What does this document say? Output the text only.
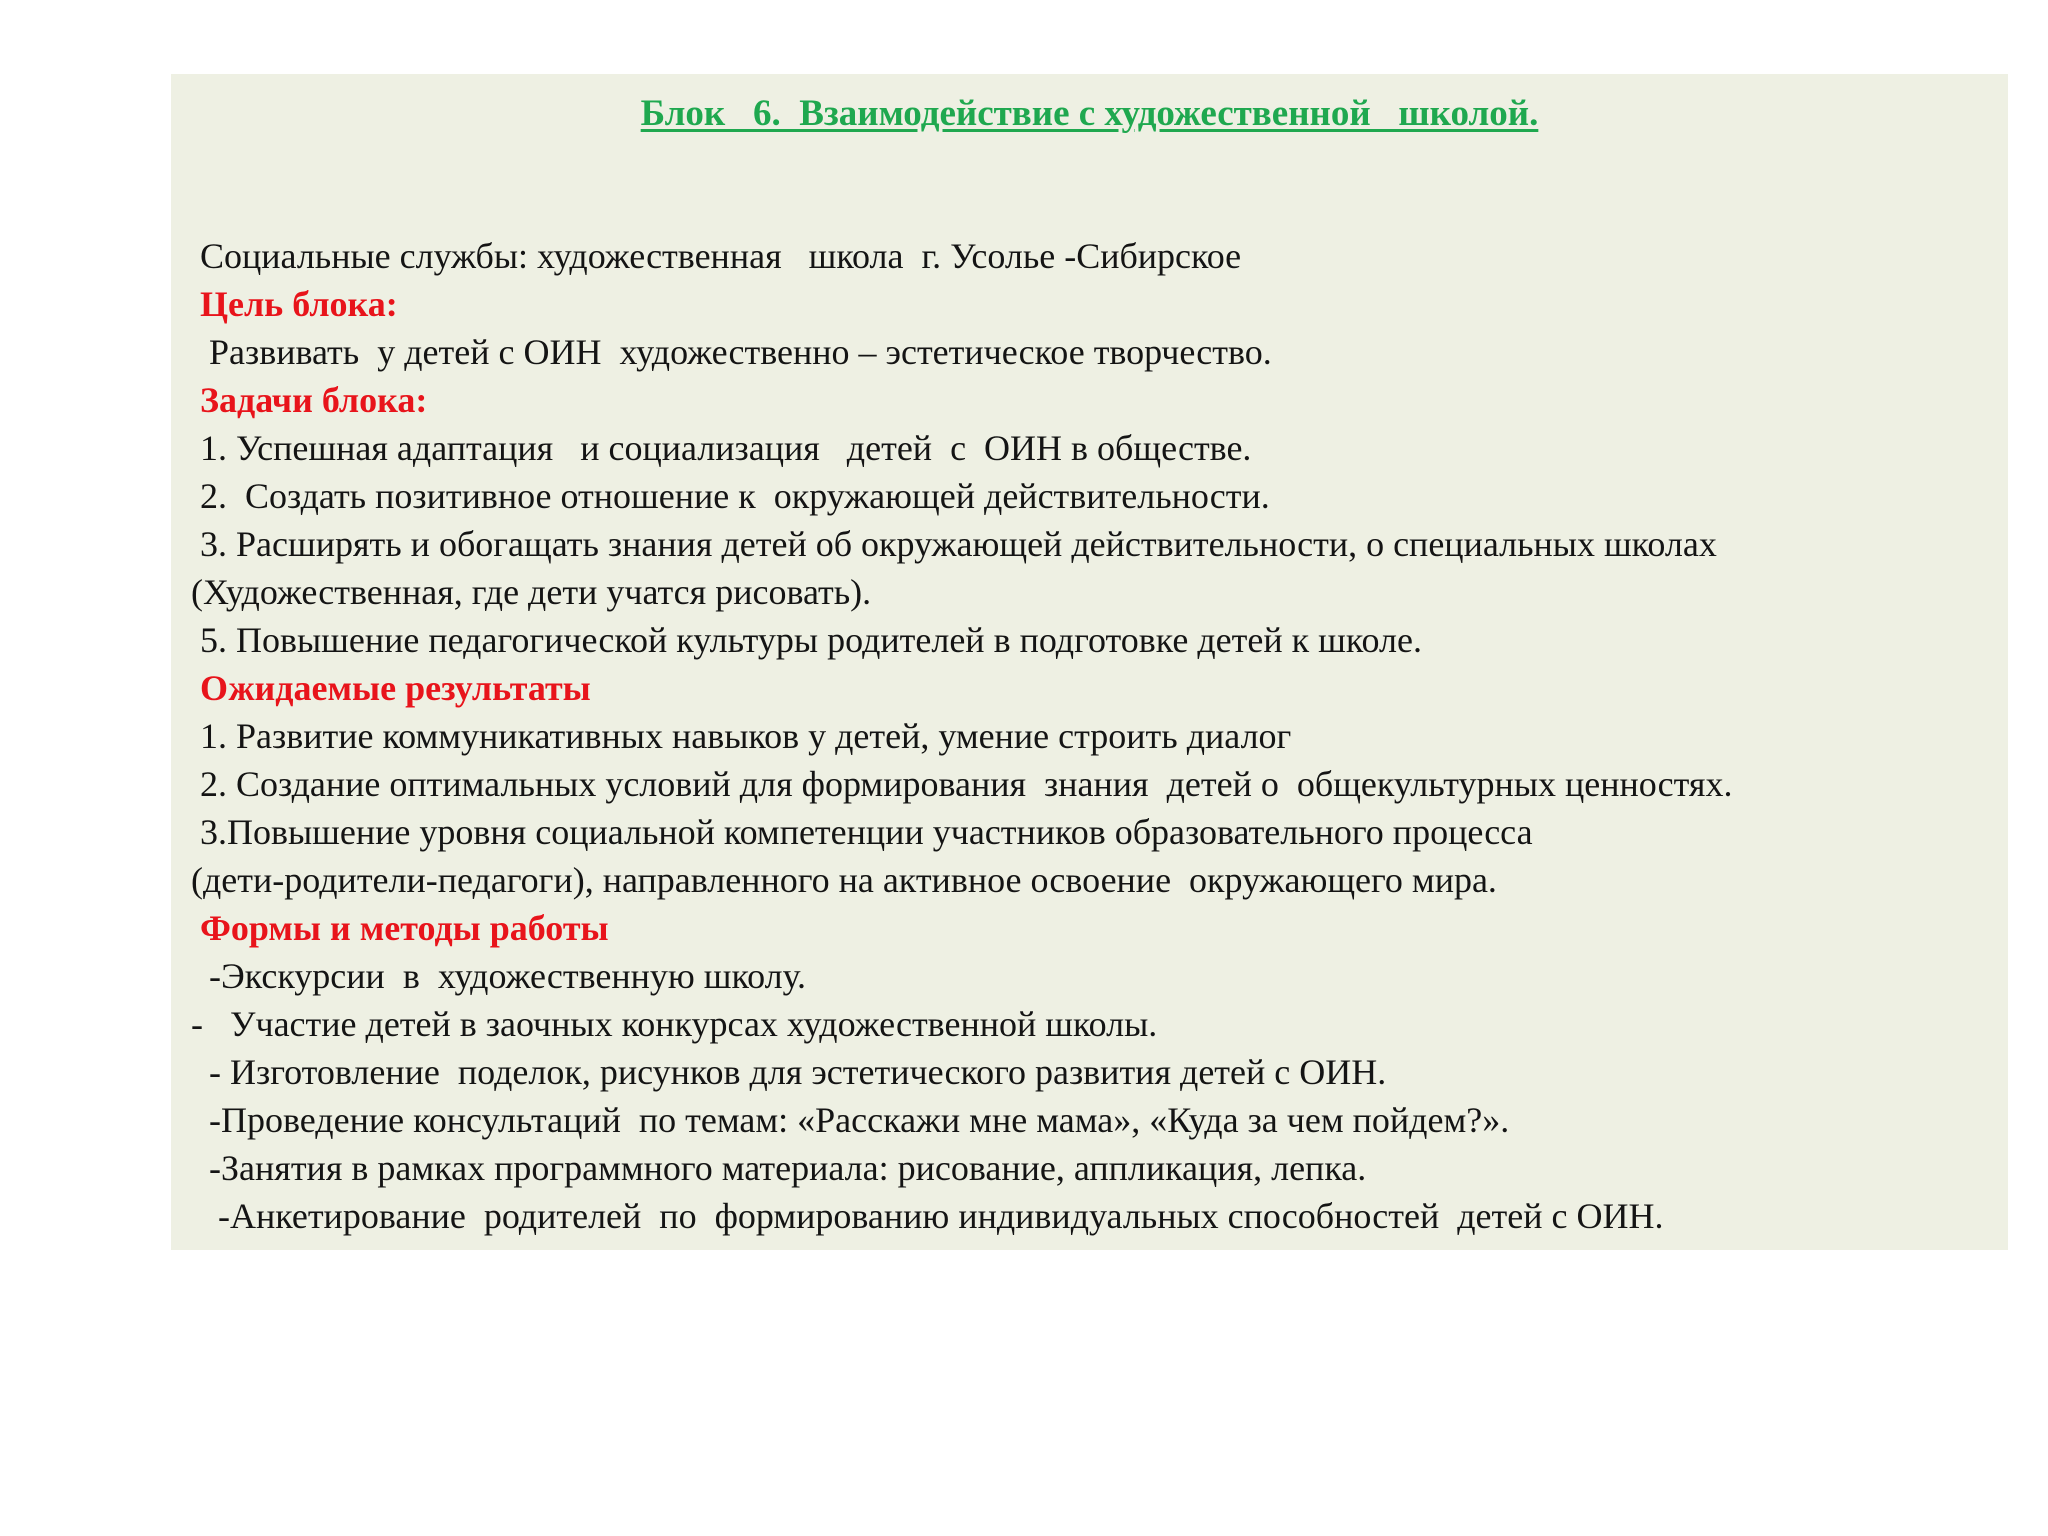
Блок   6.  Взаимодействие с художественной   школой.
Социальные службы: художественная   школа  г. Усолье -Сибирское
Цель блока:
Развивать  у детей с ОИН  художественно – эстетическое творчество.
Задачи блока:
1. Успешная адаптация   и социализация   детей  с  ОИН в обществе.
2.  Создать позитивное отношение к  окружающей действительности.
3. Расширять и обогащать знания детей об окружающей действительности, о специальных школах
(Художественная, где дети учатся рисовать).
5. Повышение педагогической культуры родителей в подготовке детей к школе.
Ожидаемые результаты
1. Развитие коммуникативных навыков у детей, умение строить диалог
2. Создание оптимальных условий для формирования  знания  детей о  общекультурных ценностях.
3.Повышение уровня социальной компетенции участников образовательного процесса
(дети-родители-педагоги), направленного на активное освоение  окружающего мира.
Формы и методы работы
-Экскурсии  в  художественную школу.
-   Участие детей в заочных конкурсах художественной школы.
- Изготовление  поделок, рисунков для эстетического развития детей с ОИН.
-Проведение консультаций  по темам: «Расскажи мне мама», «Куда за чем пойдем?».
-Занятия в рамках программного материала: рисование, аппликация, лепка.
-Анкетирование  родителей  по  формированию индивидуальных способностей  детей с ОИН.
